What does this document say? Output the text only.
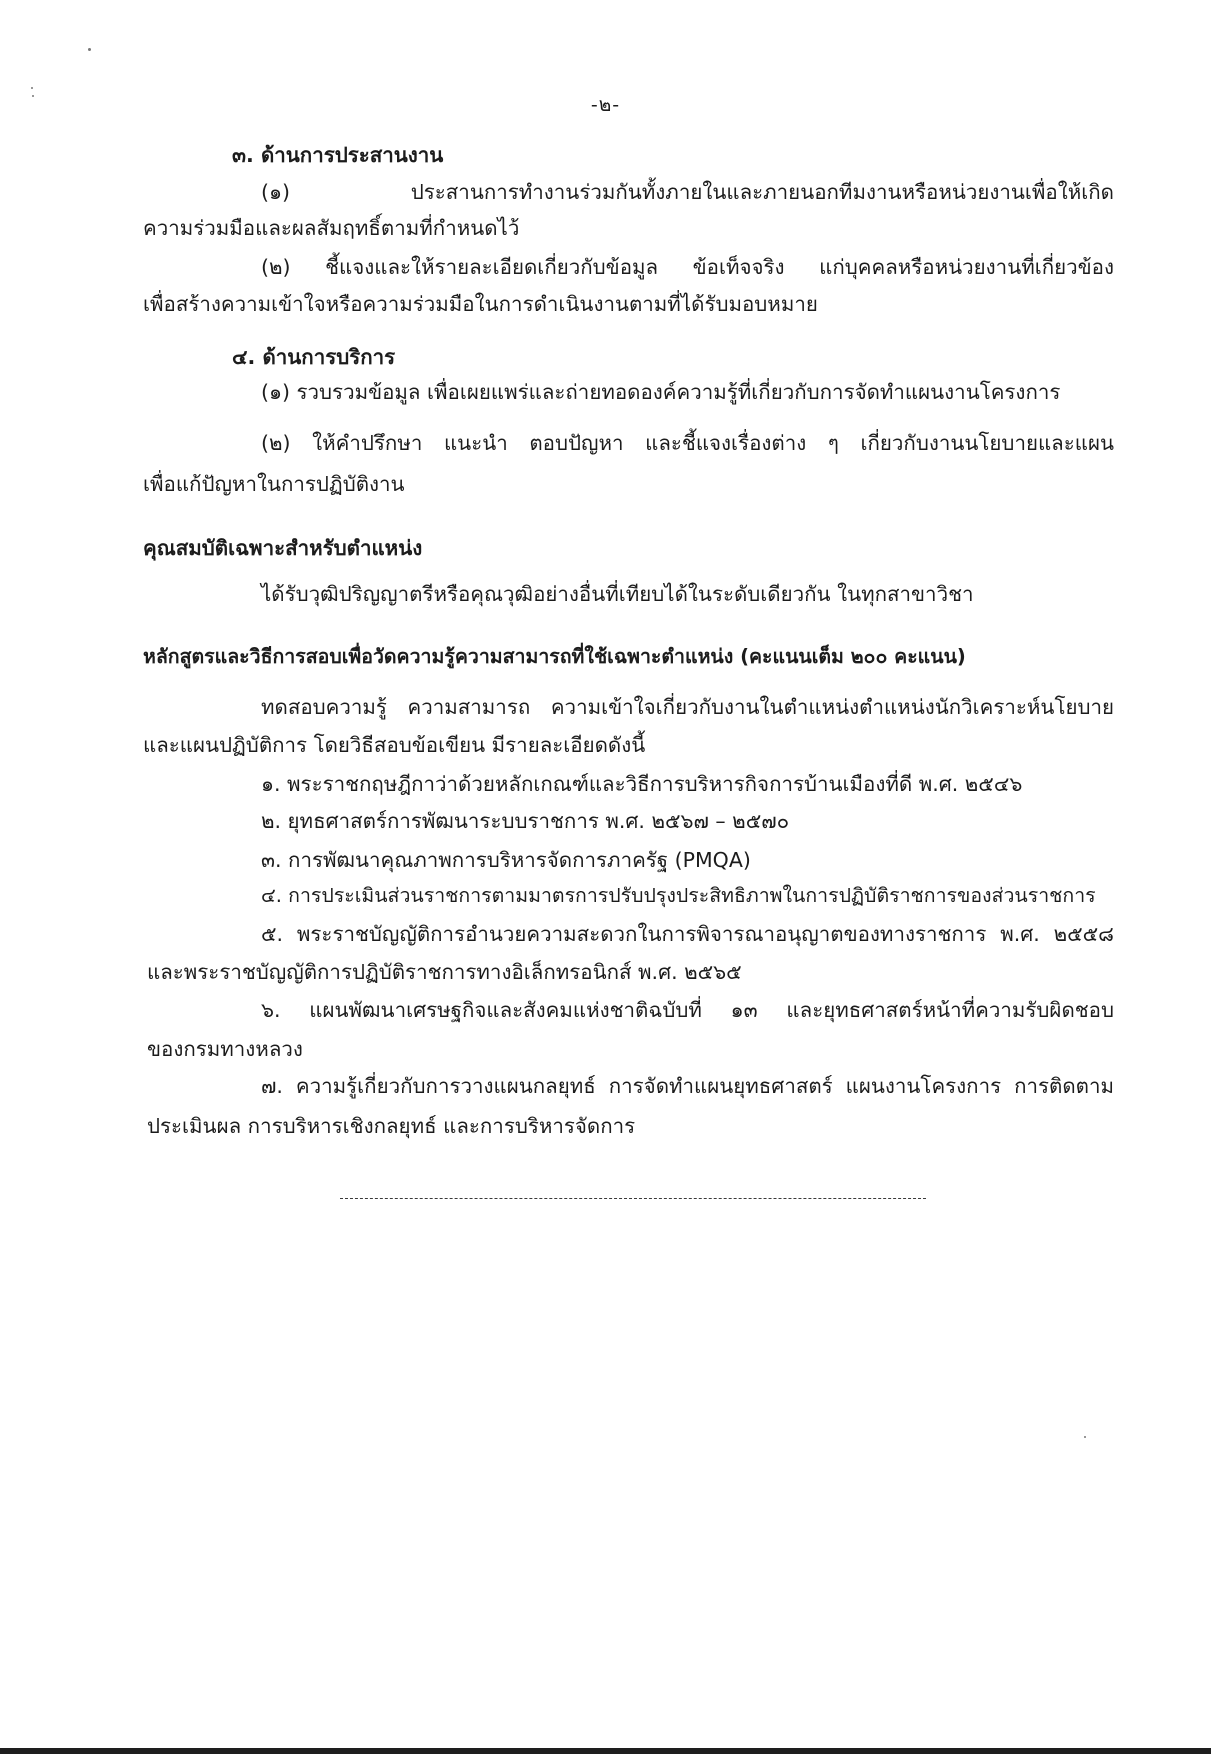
-๒-
๓. ด้านการประสานงาน
(๑) ประสานการทำงานร่วมกันทั้งภายในและภายนอกทีมงานหรือหน่วยงานเพื่อให้เกิด
ความร่วมมือและผลสัมฤทธิ์ตามที่กำหนดไว้
(๒) ชี้แจงและให้รายละเอียดเกี่ยวกับข้อมูล ข้อเท็จจริง แก่บุคคลหรือหน่วยงานที่เกี่ยวข้อง
เพื่อสร้างความเข้าใจหรือความร่วมมือในการดำเนินงานตามที่ได้รับมอบหมาย
๔. ด้านการบริการ
(๑) รวบรวมข้อมูล เพื่อเผยแพร่และถ่ายทอดองค์ความรู้ที่เกี่ยวกับการจัดทำแผนงานโครงการ
(๒) ให้คำปรึกษา แนะนำ ตอบปัญหา และชี้แจงเรื่องต่าง ๆ เกี่ยวกับงานนโยบายและแผน
เพื่อแก้ปัญหาในการปฏิบัติงาน
คุณสมบัติเฉพาะสำหรับตำแหน่ง
ได้รับวุฒิปริญญาตรีหรือคุณวุฒิอย่างอื่นที่เทียบได้ในระดับเดียวกัน ในทุกสาขาวิชา
หลักสูตรและวิธีการสอบเพื่อวัดความรู้ความสามารถที่ใช้เฉพาะตำแหน่ง (คะแนนเต็ม ๒๐๐ คะแนน)
ทดสอบความรู้ ความสามารถ ความเข้าใจเกี่ยวกับงานในตำแหน่งตำแหน่งนักวิเคราะห์นโยบาย
และแผนปฏิบัติการ โดยวิธีสอบข้อเขียน มีรายละเอียดดังนี้
๑. พระราชกฤษฎีกาว่าด้วยหลักเกณฑ์และวิธีการบริหารกิจการบ้านเมืองที่ดี พ.ศ. ๒๕๔๖
๒. ยุทธศาสตร์การพัฒนาระบบราชการ พ.ศ. ๒๕๖๗ – ๒๕๗๐
๓. การพัฒนาคุณภาพการบริหารจัดการภาครัฐ (PMQA)
๔. การประเมินส่วนราชการตามมาตรการปรับปรุงประสิทธิภาพในการปฏิบัติราชการของส่วนราชการ
๕. พระราชบัญญัติการอำนวยความสะดวกในการพิจารณาอนุญาตของทางราชการ พ.ศ. ๒๕๕๘
และพระราชบัญญัติการปฏิบัติราชการทางอิเล็กทรอนิกส์ พ.ศ. ๒๕๖๕
๖. แผนพัฒนาเศรษฐกิจและสังคมแห่งชาติฉบับที่ ๑๓ และยุทธศาสตร์หน้าที่ความรับผิดชอบ
ของกรมทางหลวง
๗. ความรู้เกี่ยวกับการวางแผนกลยุทธ์ การจัดทำแผนยุทธศาสตร์ แผนงานโครงการ การติดตาม
ประเมินผล การบริหารเชิงกลยุทธ์ และการบริหารจัดการ
